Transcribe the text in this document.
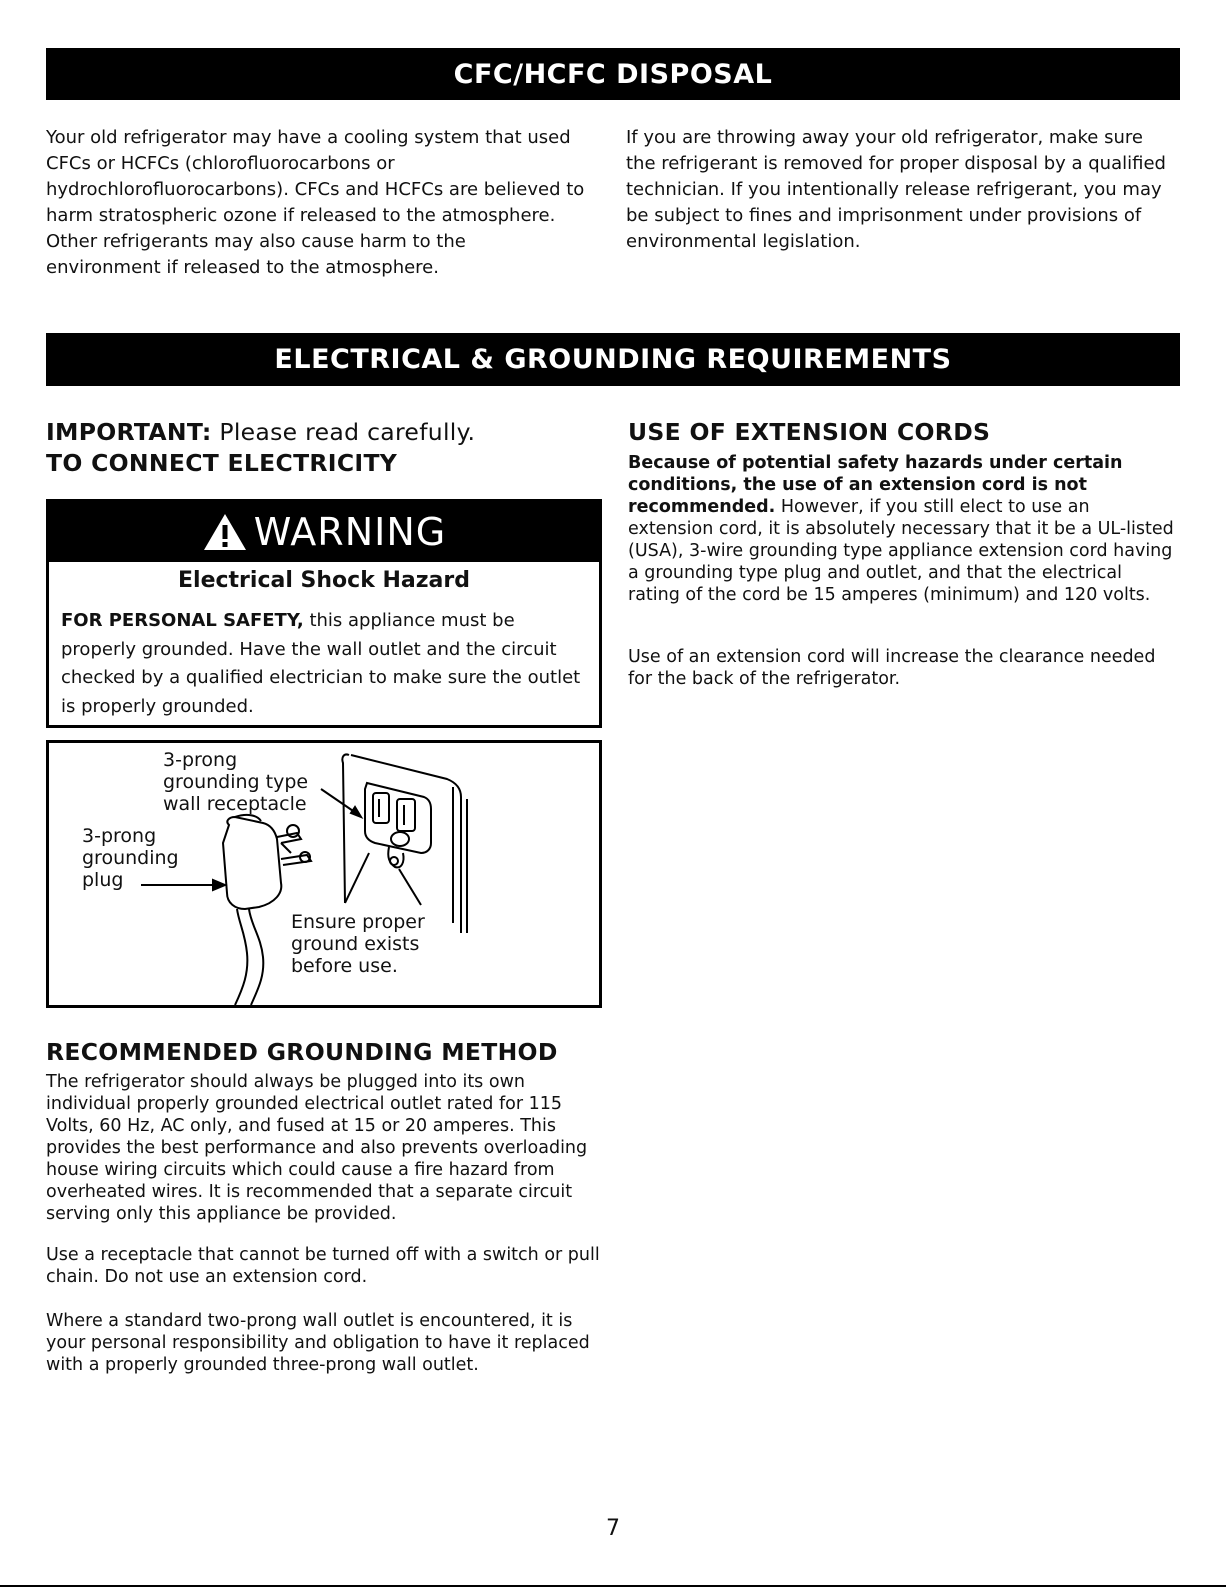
CFC/HCFC DISPOSAL

Your old refrigerator may have a cooling system that used CFCs or HCFCs (chlorofluorocarbons or hydrochlorofluorocarbons). CFCs and HCFCs are believed to harm stratospheric ozone if released to the atmosphere. Other refrigerants may also cause harm to the environment if released to the atmosphere.

If you are throwing away your old refrigerator, make sure the refrigerant is removed for proper disposal by a qualified technician. If you intentionally release refrigerant, you may be subject to fines and imprisonment under provisions of environmental legislation.

ELECTRICAL & GROUNDING REQUIREMENTS
IMPORTANT: Please read carefully.
TO CONNECT ELECTRICITY
WARNING
Electrical Shock Hazard

FOR PERSONAL SAFETY, this appliance must be properly grounded. Have the wall outlet and the circuit checked by a qualified electrician to make sure the outlet is properly grounded.

3-prong
grounding type
wall receptacle

3-prong
grounding
plug

Ensure proper
ground exists
before use.

RECOMMENDED GROUNDING METHOD

The refrigerator should always be plugged into its own individual properly grounded electrical outlet rated for 115 Volts, 60 Hz, AC only, and fused at 15 or 20 amperes. This provides the best performance and also prevents overloading house wiring circuits which could cause a fire hazard from overheated wires. It is recommended that a separate circuit serving only this appliance be provided.

Use a receptacle that cannot be turned off with a switch or pull chain. Do not use an extension cord.

Where a standard two-prong wall outlet is encountered, it is your personal responsibility and obligation to have it replaced with a properly grounded three-prong wall outlet.

USE OF EXTENSION CORDS

Because of potential safety hazards under certain conditions, the use of an extension cord is not recommended. However, if you still elect to use an extension cord, it is absolutely necessary that it be a UL-listed (USA), 3-wire grounding type appliance extension cord having a grounding type plug and outlet, and that the electrical rating of the cord be 15 amperes (minimum) and 120 volts.

Use of an extension cord will increase the clearance needed for the back of the refrigerator.

7
